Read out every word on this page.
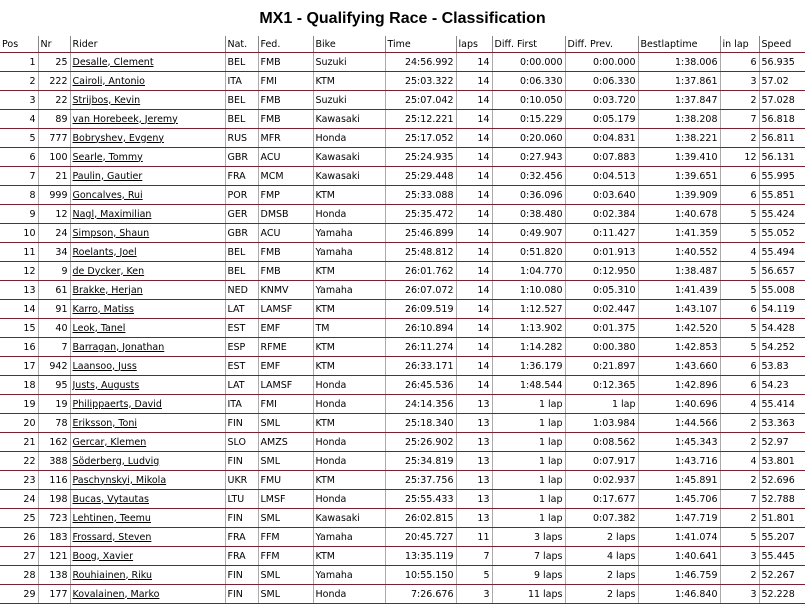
MX1 - Qualifying Race - Classification
Pos	Nr	Rider	Nat.	Fed.	Bike	Time	laps	Diff. First	Diff. Prev.	Bestlaptime	in lap	Speed
1	25	Desalle, Clement	BEL	FMB	Suzuki	24:56.992	14	0:00.000	0:00.000	1:38.006	6	56.935
2	222	Cairoli, Antonio	ITA	FMI	KTM	25:03.322	14	0:06.330	0:06.330	1:37.861	3	57.02
3	22	Strijbos, Kevin	BEL	FMB	Suzuki	25:07.042	14	0:10.050	0:03.720	1:37.847	2	57.028
4	89	van Horebeek, Jeremy	BEL	FMB	Kawasaki	25:12.221	14	0:15.229	0:05.179	1:38.208	7	56.818
5	777	Bobryshev, Evgeny	RUS	MFR	Honda	25:17.052	14	0:20.060	0:04.831	1:38.221	2	56.811
6	100	Searle, Tommy	GBR	ACU	Kawasaki	25:24.935	14	0:27.943	0:07.883	1:39.410	12	56.131
7	21	Paulin, Gautier	FRA	MCM	Kawasaki	25:29.448	14	0:32.456	0:04.513	1:39.651	6	55.995
8	999	Goncalves, Rui	POR	FMP	KTM	25:33.088	14	0:36.096	0:03.640	1:39.909	6	55.851
9	12	Nagl, Maximilian	GER	DMSB	Honda	25:35.472	14	0:38.480	0:02.384	1:40.678	5	55.424
10	24	Simpson, Shaun	GBR	ACU	Yamaha	25:46.899	14	0:49.907	0:11.427	1:41.359	5	55.052
11	34	Roelants, Joel	BEL	FMB	Yamaha	25:48.812	14	0:51.820	0:01.913	1:40.552	4	55.494
12	9	de Dycker, Ken	BEL	FMB	KTM	26:01.762	14	1:04.770	0:12.950	1:38.487	5	56.657
13	61	Brakke, Herjan	NED	KNMV	Yamaha	26:07.072	14	1:10.080	0:05.310	1:41.439	5	55.008
14	91	Karro, Matiss	LAT	LAMSF	KTM	26:09.519	14	1:12.527	0:02.447	1:43.107	6	54.119
15	40	Leok, Tanel	EST	EMF	TM	26:10.894	14	1:13.902	0:01.375	1:42.520	5	54.428
16	7	Barragan, Jonathan	ESP	RFME	KTM	26:11.274	14	1:14.282	0:00.380	1:42.853	5	54.252
17	942	Laansoo, Juss	EST	EMF	KTM	26:33.171	14	1:36.179	0:21.897	1:43.660	6	53.83
18	95	Justs, Augusts	LAT	LAMSF	Honda	26:45.536	14	1:48.544	0:12.365	1:42.896	6	54.23
19	19	Philippaerts, David	ITA	FMI	Honda	24:14.356	13	1 lap	1 lap	1:40.696	4	55.414
20	78	Eriksson, Toni	FIN	SML	KTM	25:18.340	13	1 lap	1:03.984	1:44.566	2	53.363
21	162	Gercar, Klemen	SLO	AMZS	Honda	25:26.902	13	1 lap	0:08.562	1:45.343	2	52.97
22	388	Söderberg, Ludvig	FIN	SML	Honda	25:34.819	13	1 lap	0:07.917	1:43.716	4	53.801
23	116	Paschynskyi, Mikola	UKR	FMU	KTM	25:37.756	13	1 lap	0:02.937	1:45.891	2	52.696
24	198	Bucas, Vytautas	LTU	LMSF	Honda	25:55.433	13	1 lap	0:17.677	1:45.706	7	52.788
25	723	Lehtinen, Teemu	FIN	SML	Kawasaki	26:02.815	13	1 lap	0:07.382	1:47.719	2	51.801
26	183	Frossard, Steven	FRA	FFM	Yamaha	20:45.727	11	3 laps	2 laps	1:41.074	5	55.207
27	121	Boog, Xavier	FRA	FFM	KTM	13:35.119	7	7 laps	4 laps	1:40.641	3	55.445
28	138	Rouhiainen, Riku	FIN	SML	Yamaha	10:55.150	5	9 laps	2 laps	1:46.759	2	52.267
29	177	Kovalainen, Marko	FIN	SML	Honda	7:26.676	3	11 laps	2 laps	1:46.840	3	52.228
